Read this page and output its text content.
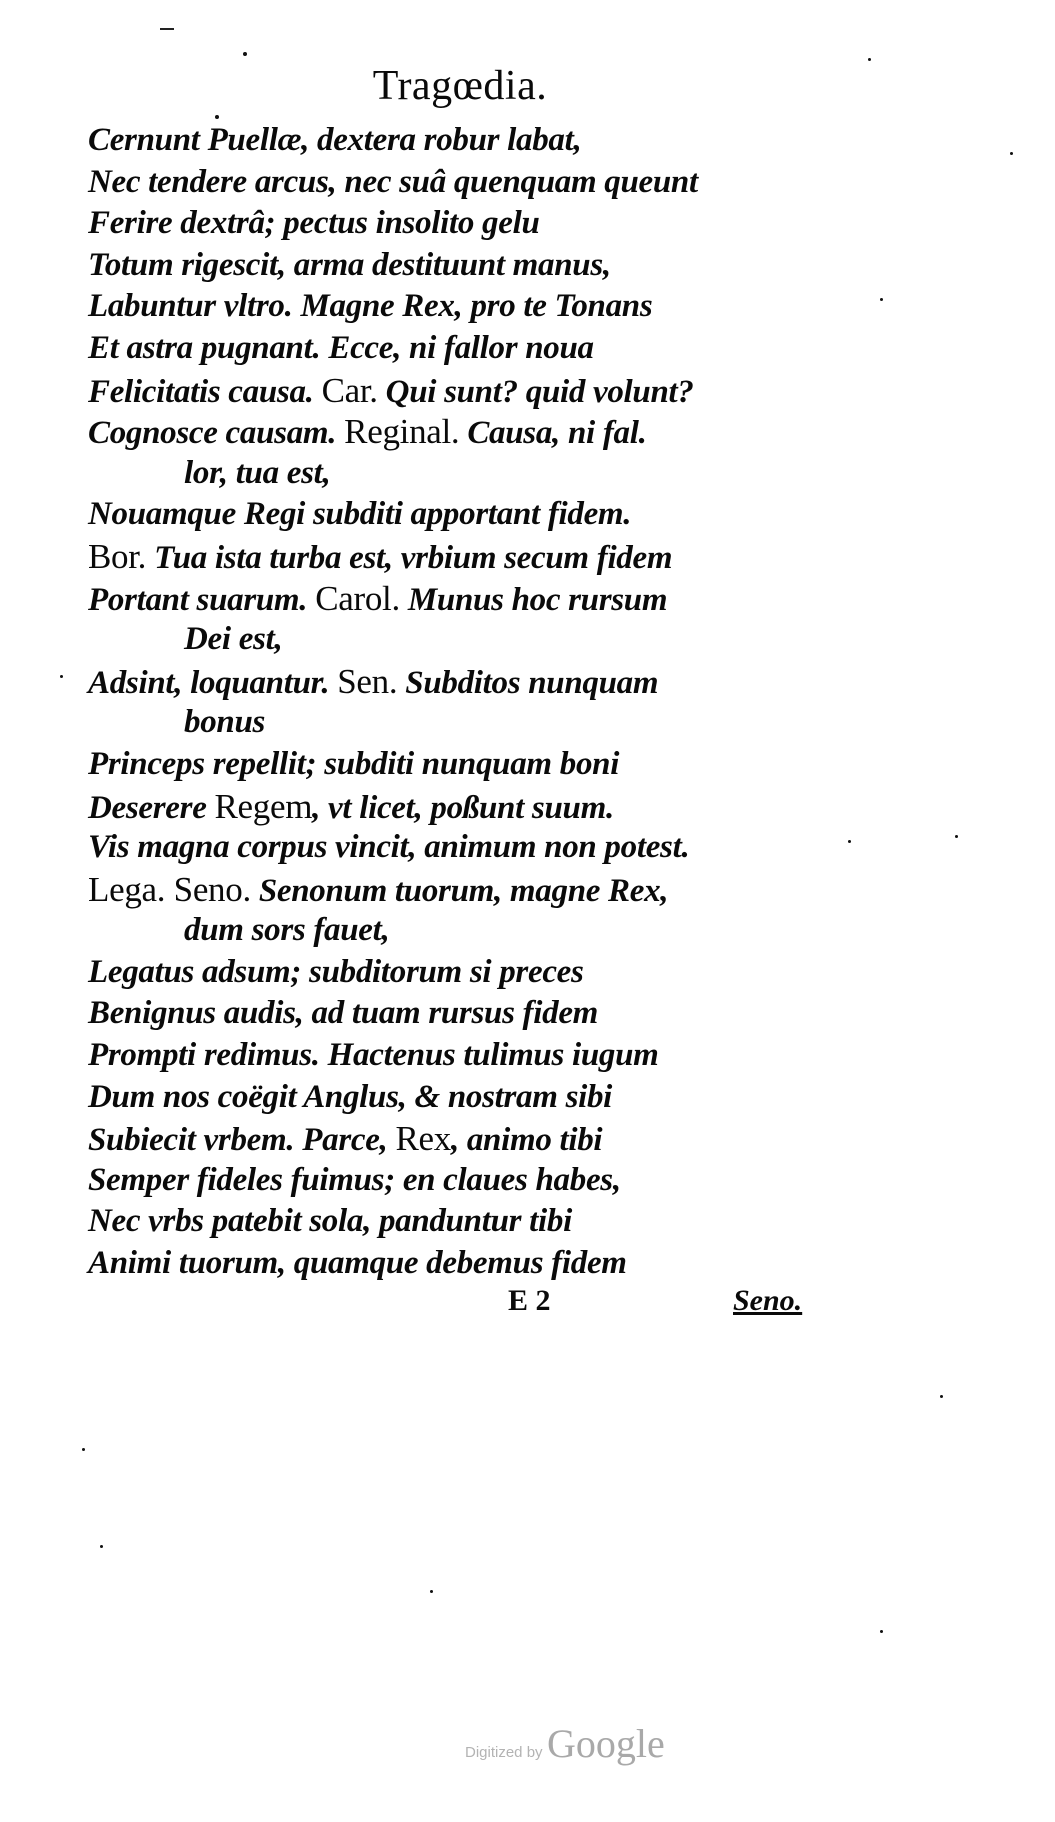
Tragœdia.
Cernunt Puellæ, dextera robur labat,
Nec tendere arcus, nec suâ quenquam queunt
Ferire dextrâ; pectus insolito gelu
Totum rigescit, arma destituunt manus,
Labuntur vltro. Magne Rex, pro te Tonans
Et astra pugnant. Ecce, ni fallor noua
Felicitatis causa. Car. Qui sunt? quid volunt?
Cognosce causam. Reginal. Causa, ni fal.
lor, tua est,
Nouamque Regi subditi apportant fidem.
Bor. Tua ista turba est, vrbium secum fidem
Portant suarum. Carol. Munus hoc rursum
Dei est,
Adsint, loquantur. Sen. Subditos nunquam
bonus
Princeps repellit; subditi nunquam boni
Deserere Regem, vt licet, poßunt suum.
Vis magna corpus vincit, animum non potest.
Lega. Seno. Senonum tuorum, magne Rex,
dum sors fauet,
Legatus adsum; subditorum si preces
Benignus audis, ad tuam rursus fidem
Prompti redimus. Hactenus tulimus iugum
Dum nos coëgit Anglus, & nostram sibi
Subiecit vrbem. Parce, Rex, animo tibi
Semper fideles fuimus; en claues habes,
Nec vrbs patebit sola, panduntur tibi
Animi tuorum, quamque debemus fidem
E 2	Seno.
Digitized by Google
